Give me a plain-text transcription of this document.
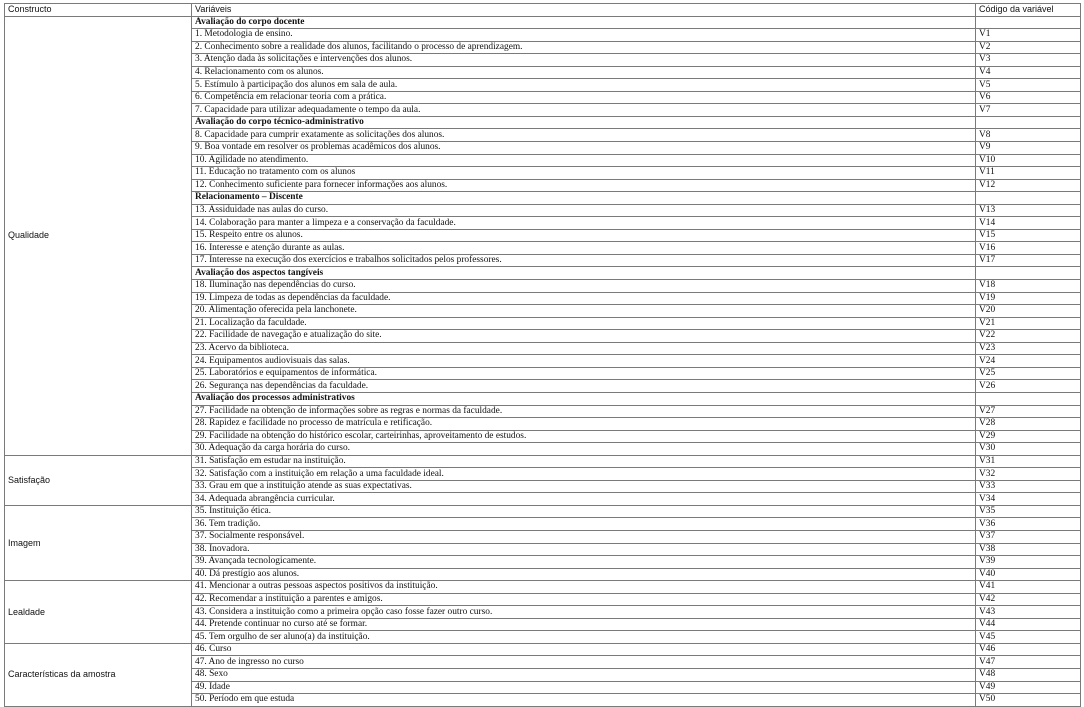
Constructo	Variáveis	Código da variável
Qualidade	Avaliação do corpo docente	
	1. Metodologia de ensino.	V1
	2. Conhecimento sobre a realidade dos alunos, facilitando o processo de aprendizagem.	V2
	3. Atenção dada às solicitações e intervenções dos alunos.	V3
	4. Relacionamento com os alunos.	V4
	5. Estímulo à participação dos alunos em sala de aula.	V5
	6. Competência em relacionar teoria com a prática.	V6
	7. Capacidade para utilizar adequadamente o tempo da aula.	V7
	Avaliação do corpo técnico-administrativo	
	8. Capacidade para cumprir exatamente as solicitações dos alunos.	V8
	9. Boa vontade em resolver os problemas acadêmicos dos alunos.	V9
	10. Agilidade no atendimento.	V10
	11. Educação no tratamento com os alunos	V11
	12. Conhecimento suficiente para fornecer informações aos alunos.	V12
	Relacionamento – Discente	
	13. Assiduidade nas aulas do curso.	V13
	14. Colaboração para manter a limpeza e a conservação da faculdade.	V14
	15. Respeito entre os alunos.	V15
	16. Interesse e atenção durante as aulas.	V16
	17. Interesse na execução dos exercícios e trabalhos solicitados pelos professores.	V17
	Avaliação dos aspectos tangíveis	
	18. Iluminação nas dependências do curso.	V18
	19. Limpeza de todas as dependências da faculdade.	V19
	20. Alimentação oferecida pela lanchonete.	V20
	21. Localização da faculdade.	V21
	22. Facilidade de navegação e atualização do site.	V22
	23. Acervo da biblioteca.	V23
	24. Equipamentos audiovisuais das salas.	V24
	25. Laboratórios e equipamentos de informática.	V25
	26. Segurança nas dependências da faculdade.	V26
	Avaliação dos processos administrativos	
	27. Facilidade na obtenção de informações sobre as regras e normas da faculdade.	V27
	28. Rapidez e facilidade no processo de matrícula e retificação.	V28
	29. Facilidade na obtenção do histórico escolar, carteirinhas, aproveitamento de estudos.	V29
	30. Adequação da carga horária do curso.	V30
Satisfação	31. Satisfação em estudar na instituição.	V31
	32. Satisfação com a instituição em relação a uma faculdade ideal.	V32
	33. Grau em que a instituição atende as suas expectativas.	V33
	34. Adequada abrangência curricular.	V34
Imagem	35. Instituição ética.	V35
	36. Tem tradição.	V36
	37. Socialmente responsável.	V37
	38. Inovadora.	V38
	39. Avançada tecnologicamente.	V39
	40. Dá prestígio aos alunos.	V40
Lealdade	41. Mencionar a outras pessoas aspectos positivos da instituição.	V41
	42. Recomendar a instituição a parentes e amigos.	V42
	43. Considera a instituição como a primeira opção caso fosse fazer outro curso.	V43
	44. Pretende continuar no curso até se formar.	V44
	45. Tem orgulho de ser aluno(a) da instituição.	V45
Características da amostra	46. Curso	V46
	47. Ano de ingresso no curso	V47
	48. Sexo	V48
	49. Idade	V49
	50. Período em que estuda	V50
